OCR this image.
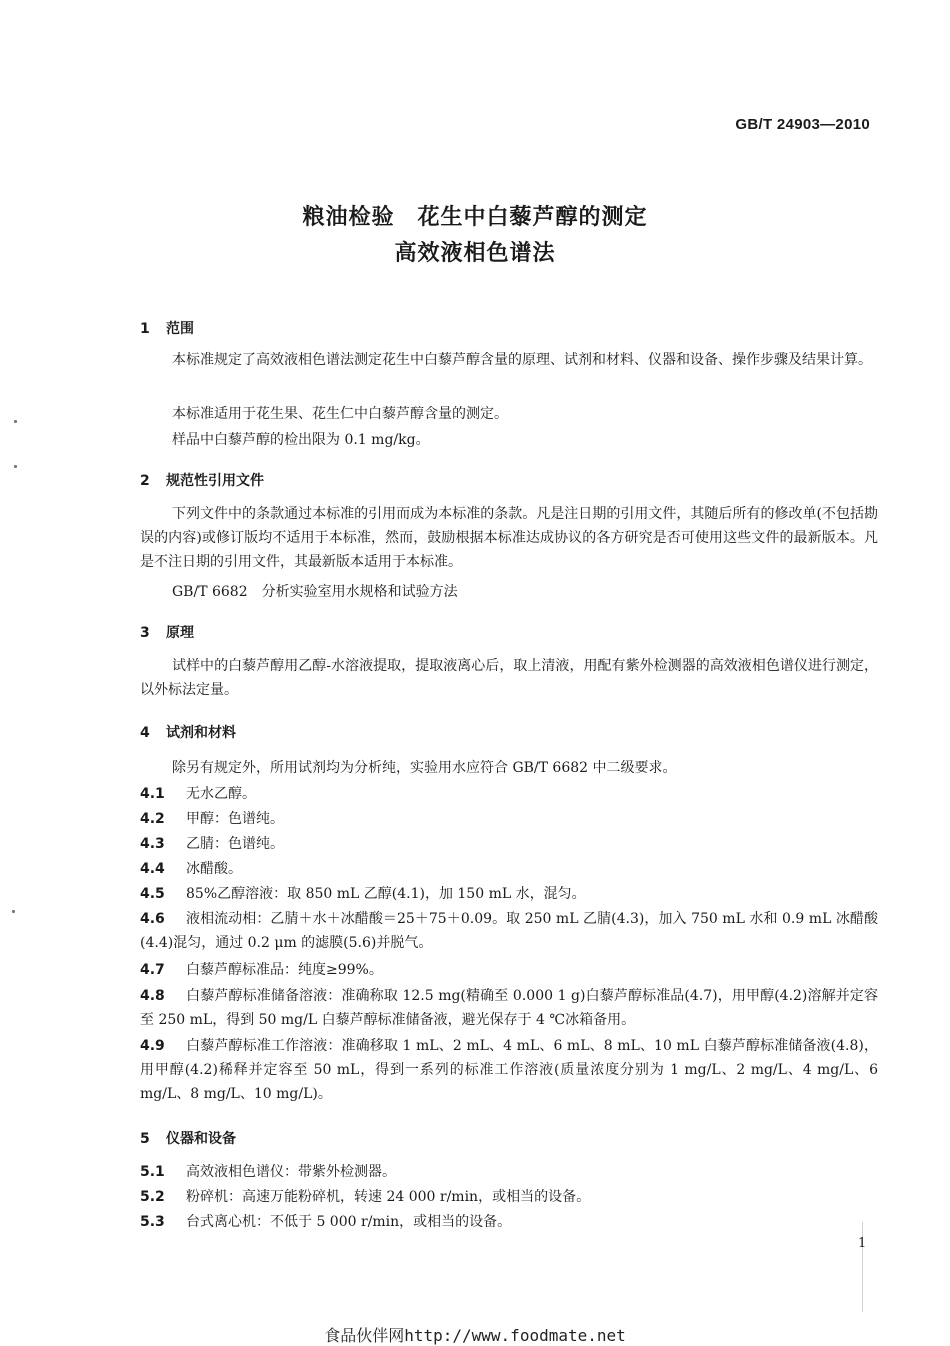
GB/T 24903—2010
粮油检验　花生中白藜芦醇的测定
高效液相色谱法
1 范围
本标准规定了高效液相色谱法测定花生中白藜芦醇含量的原理、试剂和材料、仪器和设备、操作步骤及结果计算。
本标准适用于花生果、花生仁中白藜芦醇含量的测定。
样品中白藜芦醇的检出限为 0.1 mg/kg。
2 规范性引用文件
下列文件中的条款通过本标准的引用而成为本标准的条款。凡是注日期的引用文件，其随后所有的修改单(不包括勘误的内容)或修订版均不适用于本标准，然而，鼓励根据本标准达成协议的各方研究是否可使用这些文件的最新版本。凡是不注日期的引用文件，其最新版本适用于本标准。
GB/T 6682　分析实验室用水规格和试验方法
3 原理
试样中的白藜芦醇用乙醇-水溶液提取，提取液离心后，取上清液，用配有紫外检测器的高效液相色谱仪进行测定，以外标法定量。
4 试剂和材料
除另有规定外，所用试剂均为分析纯，实验用水应符合 GB/T 6682 中二级要求。
4.1 无水乙醇。
4.2 甲醇：色谱纯。
4.3 乙腈：色谱纯。
4.4 冰醋酸。
4.5 85%乙醇溶液：取 850 mL 乙醇(4.1)，加 150 mL 水，混匀。
4.6 液相流动相：乙腈＋水＋冰醋酸＝25＋75＋0.09。取 250 mL 乙腈(4.3)，加入 750 mL 水和 0.9 mL 冰醋酸(4.4)混匀，通过 0.2 μm 的滤膜(5.6)并脱气。
4.7 白藜芦醇标准品：纯度≥99%。
4.8 白藜芦醇标准储备溶液：准确称取 12.5 mg(精确至 0.000 1 g)白藜芦醇标准品(4.7)，用甲醇(4.2)溶解并定容至 250 mL，得到 50 mg/L 白藜芦醇标准储备液，避光保存于 4 ℃冰箱备用。
4.9 白藜芦醇标准工作溶液：准确移取 1 mL、2 mL、4 mL、6 mL、8 mL、10 mL 白藜芦醇标准储备液(4.8)，用甲醇(4.2)稀释并定容至 50 mL，得到一系列的标准工作溶液(质量浓度分别为 1 mg/L、2 mg/L、4 mg/L、6 mg/L、8 mg/L、10 mg/L)。
5 仪器和设备
5.1 高效液相色谱仪：带紫外检测器。
5.2 粉碎机：高速万能粉碎机，转速 24 000 r/min，或相当的设备。
5.3 台式离心机：不低于 5 000 r/min，或相当的设备。
1
食品伙伴网http://www.foodmate.net
